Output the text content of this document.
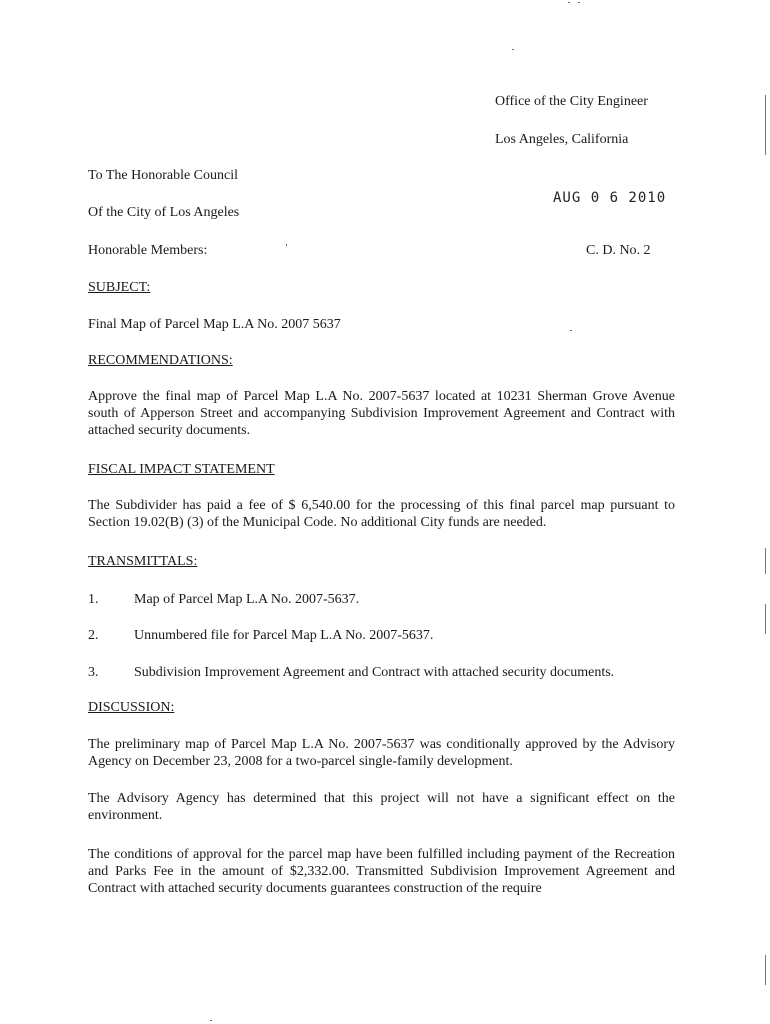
Office of the City Engineer
Los Angeles, California
AUG 0 6 2010
C. D. No. 2
To The Honorable Council
Of the City of Los Angeles
Honorable Members:
SUBJECT:
Final Map of Parcel Map L.A No. 2007 5637
RECOMMENDATIONS:
Approve the final map of Parcel Map L.A No. 2007-5637 located at 10231 Sherman Grove Avenue south of Apperson Street and accompanying Subdivision Improvement Agreement and Contract with attached security documents.
FISCAL IMPACT STATEMENT
The Subdivider has paid a fee of $ 6,540.00 for the processing of this final parcel map pursuant to Section 19.02(B) (3) of the Municipal Code. No additional City funds are needed.
TRANSMITTALS:
1.	Map of Parcel Map L.A No. 2007-5637.
2.	Unnumbered file for Parcel Map L.A No. 2007-5637.
3.	Subdivision Improvement Agreement and Contract with attached security documents.
DISCUSSION:
The preliminary map of Parcel Map L.A No. 2007-5637 was conditionally approved by the Advisory Agency on December 23, 2008 for a two-parcel single-family development.
The Advisory Agency has determined that this project will not have a significant effect on the environment.
The conditions of approval for the parcel map have been fulfilled including payment of the Recreation and Parks Fee in the amount of $2,332.00. Transmitted Subdivision Improvement Agreement and Contract with attached security documents guarantees construction of the require
